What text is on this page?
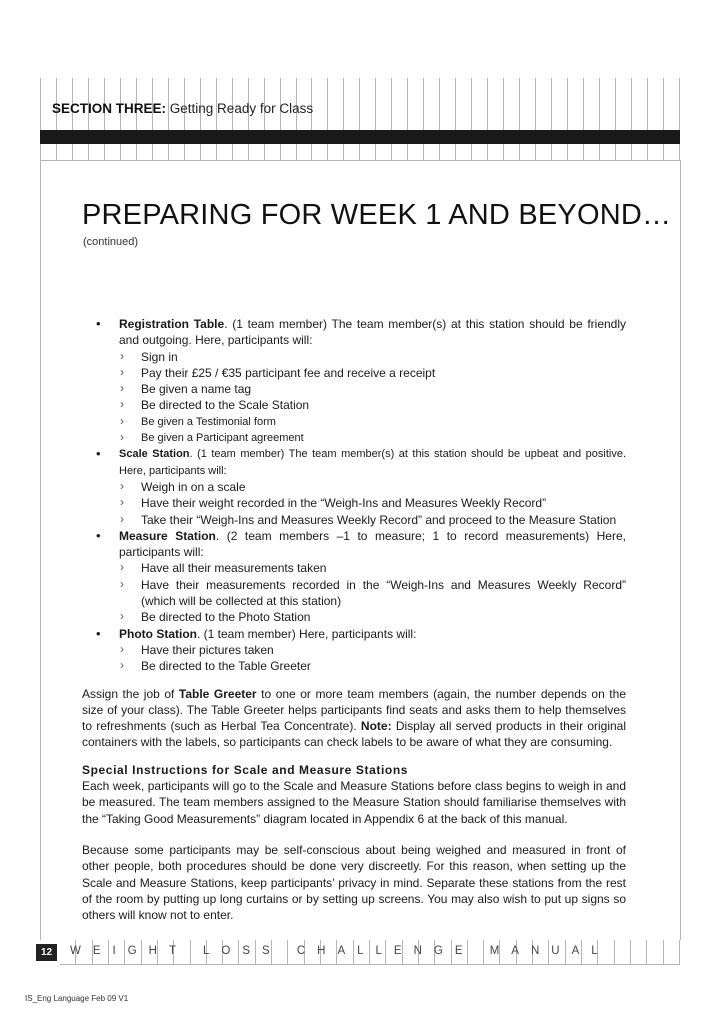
SECTION THREE: Getting Ready for Class
PREPARING FOR WEEK 1 AND BEYOND…
(continued)
• Registration Table. (1 team member) The team member(s) at this station should be friendly and outgoing. Here, participants will:
› Sign in
› Pay their £25 / €35 participant fee and receive a receipt
› Be given a name tag
› Be directed to the Scale Station
› Be given a Testimonial form
› Be given a Participant agreement
• Scale Station. (1 team member) The team member(s) at this station should be upbeat and positive. Here, participants will:
› Weigh in on a scale
› Have their weight recorded in the “Weigh-Ins and Measures Weekly Record”
› Take their “Weigh-Ins and Measures Weekly Record” and proceed to the Measure Station
• Measure Station. (2 team members –1 to measure; 1 to record measurements) Here, participants will:
› Have all their measurements taken
› Have their measurements recorded in the “Weigh-Ins and Measures Weekly Record” (which will be collected at this station)
› Be directed to the Photo Station
• Photo Station. (1 team member) Here, participants will:
› Have their pictures taken
› Be directed to the Table Greeter

Assign the job of Table Greeter to one or more team members (again, the number depends on the size of your class). The Table Greeter helps participants find seats and asks them to help themselves to refreshments (such as Herbal Tea Concentrate). Note: Display all served products in their original containers with the labels, so participants can check labels to be aware of what they are consuming.

Special Instructions for Scale and Measure Stations

Each week, participants will go to the Scale and Measure Stations before class begins to weigh in and be measured. The team members assigned to the Measure Station should familiarise themselves with the “Taking Good Measurements” diagram located in Appendix 6 at the back of this manual.

Because some participants may be self-conscious about being weighed and measured in front of other people, both procedures should be done very discreetly. For this reason, when setting up the Scale and Measure Stations, keep participants’ privacy in mind. Separate these stations from the rest of the room by putting up long curtains or by setting up screens. You may also wish to put up signs so others will know not to enter.

12	WEIGHT LOSS CHALLENGE MANUAL
IS_Eng Language Feb 09 V1
